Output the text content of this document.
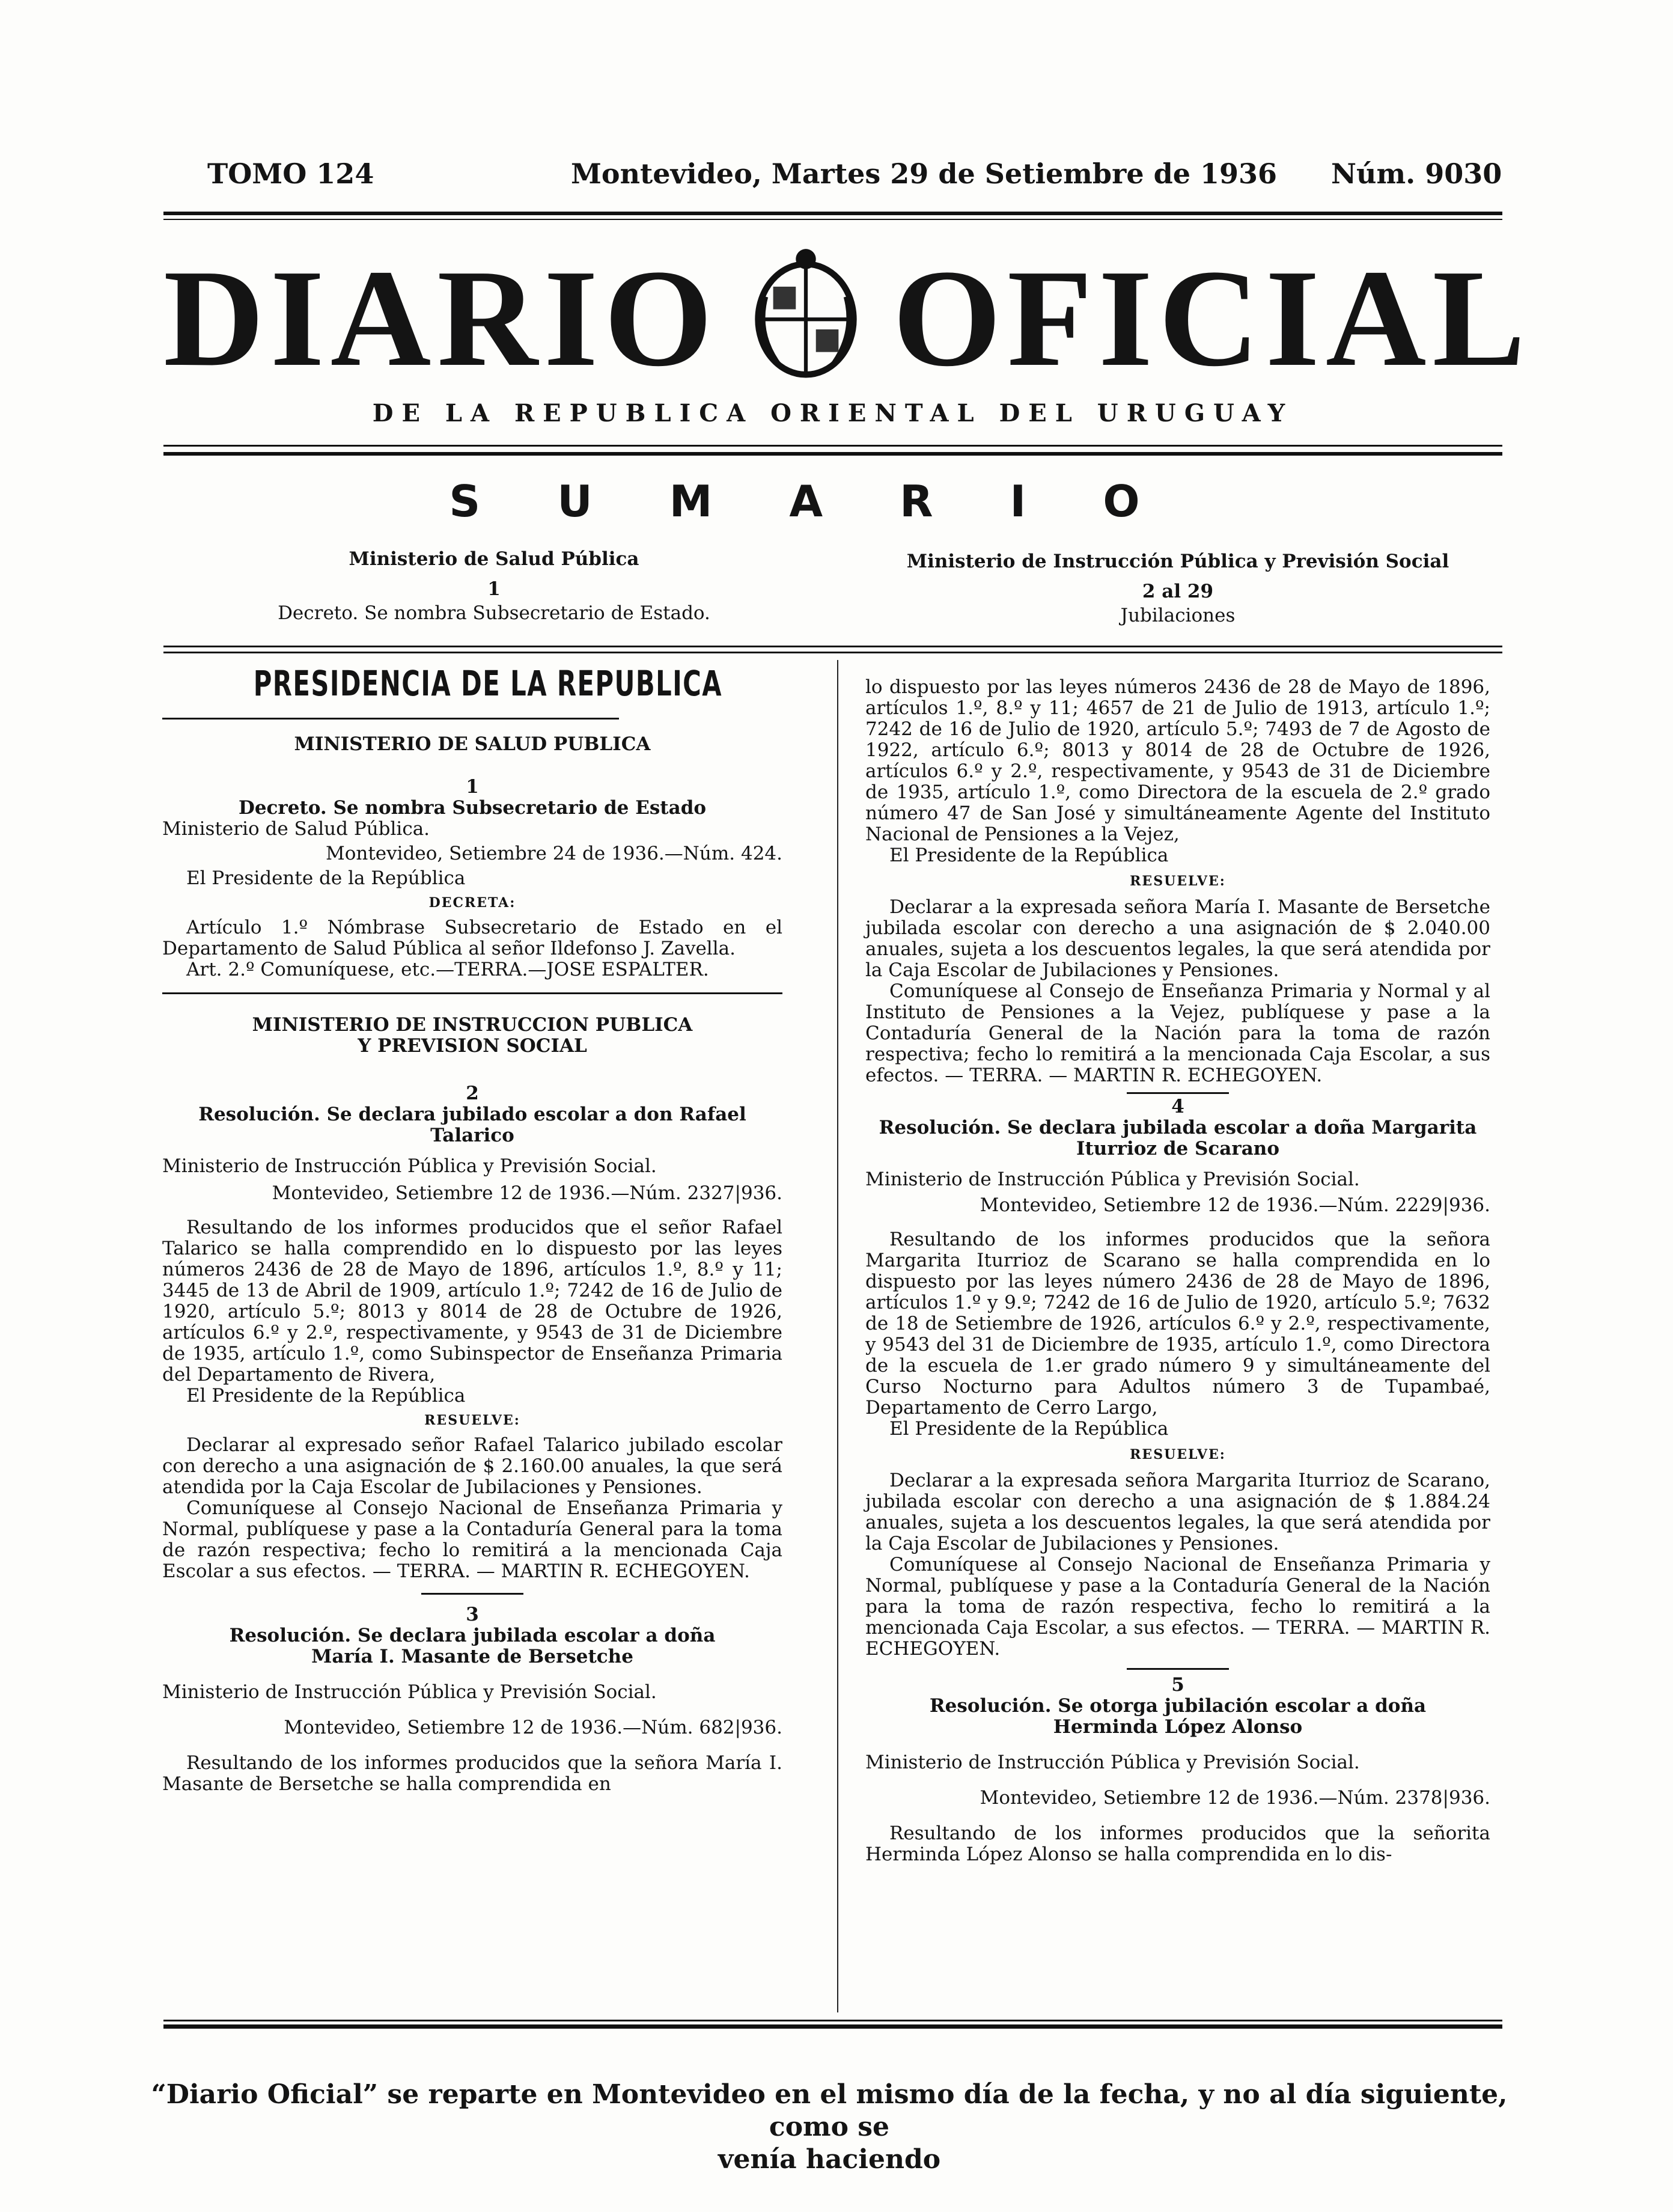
TOMO 124	Montevideo, Martes 29 de Setiembre de 1936 Núm. 9030
DIARIO OFICIAL
DE LA REPUBLICA ORIENTAL DEL URUGUAY
SUMARIO
Ministerio de Salud Pública
1
Decreto. Se nombra Subsecretario de Estado.
Ministerio de Instrucción Pública y Previsión Social
2 al 29
Jubilaciones
PRESIDENCIA DE LA REPUBLICA

MINISTERIO DE SALUD PUBLICA

1

Decreto. Se nombra Subsecretario de Estado

Ministerio de Salud Pública.

Montevideo, Setiembre 24 de 1936.—Núm. 424.

El Presidente de la República

DECRETA:

Artículo 1.º Nómbrase Subsecretario de Estado en el Departamento de Salud Pública al señor Ildefonso J. Zavella.

Art. 2.º Comuníquese, etc.—TERRA.—JOSE ESPALTER.

MINISTERIO DE INSTRUCCION PUBLICA

Y PREVISION SOCIAL

2

Resolución. Se declara jubilado escolar a don Rafael Talarico

Ministerio de Instrucción Pública y Previsión Social.

Montevideo, Setiembre 12 de 1936.—Núm. 2327|936.

Resultando de los informes producidos que el señor Rafael Talarico se halla comprendido en lo dispuesto por las leyes números 2436 de 28 de Mayo de 1896, artículos 1.º, 8.º y 11; 3445 de 13 de Abril de 1909, artículo 1.º; 7242 de 16 de Julio de 1920, artículo 5.º; 8013 y 8014 de 28 de Octubre de 1926, artículos 6.º y 2.º, respectivamente, y 9543 de 31 de Diciembre de 1935, artículo 1.º, como Subinspector de Enseñanza Primaria del Departamento de Rivera,

El Presidente de la República

RESUELVE:

Declarar al expresado señor Rafael Talarico jubilado escolar con derecho a una asignación de $ 2.160.00 anuales, la que será atendida por la Caja Escolar de Jubilaciones y Pensiones.

Comuníquese al Consejo Nacional de Enseñanza Primaria y Normal, publíquese y pase a la Contaduría General para la toma de razón respectiva; fecho lo remitirá a la mencionada Caja Escolar a sus efectos. — TERRA. — MARTIN R. ECHEGOYEN.

3

Resolución. Se declara jubilada escolar a doña María I. Masante de Bersetche

Ministerio de Instrucción Pública y Previsión Social.

Montevideo, Setiembre 12 de 1936.—Núm. 682|936.

Resultando de los informes producidos que la señora María I. Masante de Bersetche se halla comprendida en

lo dispuesto por las leyes números 2436 de 28 de Mayo de 1896, artículos 1.º, 8.º y 11; 4657 de 21 de Julio de 1913, artículo 1.º; 7242 de 16 de Julio de 1920, artículo 5.º; 7493 de 7 de Agosto de 1922, artículo 6.º; 8013 y 8014 de 28 de Octubre de 1926, artículos 6.º y 2.º, respectivamente, y 9543 de 31 de Diciembre de 1935, artículo 1.º, como Directora de la escuela de 2.º grado número 47 de San José y simultáneamente Agente del Instituto Nacional de Pensiones a la Vejez,

El Presidente de la República

RESUELVE:

Declarar a la expresada señora María I. Masante de Bersetche jubilada escolar con derecho a una asignación de $ 2.040.00 anuales, sujeta a los descuentos legales, la que será atendida por la Caja Escolar de Jubilaciones y Pensiones.

Comuníquese al Consejo de Enseñanza Primaria y Normal y al Instituto de Pensiones a la Vejez, publíquese y pase a la Contaduría General de la Nación para la toma de razón respectiva; fecho lo remitirá a la mencionada Caja Escolar, a sus efectos. — TERRA. — MARTIN R. ECHEGOYEN.

4

Resolución. Se declara jubilada escolar a doña Margarita Iturrioz de Scarano

Ministerio de Instrucción Pública y Previsión Social.

Montevideo, Setiembre 12 de 1936.—Núm. 2229|936.

Resultando de los informes producidos que la señora Margarita Iturrioz de Scarano se halla comprendida en lo dispuesto por las leyes número 2436 de 28 de Mayo de 1896, artículos 1.º y 9.º; 7242 de 16 de Julio de 1920, artículo 5.º; 7632 de 18 de Setiembre de 1926, artículos 6.º y 2.º, respectivamente, y 9543 del 31 de Diciembre de 1935, artículo 1.º, como Directora de la escuela de 1.er grado número 9 y simultáneamente del Curso Nocturno para Adultos número 3 de Tupambaé, Departamento de Cerro Largo,

El Presidente de la República

RESUELVE:

Declarar a la expresada señora Margarita Iturrioz de Scarano, jubilada escolar con derecho a una asignación de $ 1.884.24 anuales, sujeta a los descuentos legales, la que será atendida por la Caja Escolar de Jubilaciones y Pensiones.

Comuníquese al Consejo Nacional de Enseñanza Primaria y Normal, publíquese y pase a la Contaduría General de la Nación para la toma de razón respectiva, fecho lo remitirá a la mencionada Caja Escolar, a sus efectos. — TERRA. — MARTIN R. ECHEGOYEN.

5

Resolución. Se otorga jubilación escolar a doña Herminda López Alonso

Ministerio de Instrucción Pública y Previsión Social.

Montevideo, Setiembre 12 de 1936.—Núm. 2378|936.

Resultando de los informes producidos que la señorita Herminda López Alonso se halla comprendida en lo dis-

“Diario Oficial” se reparte en Montevideo en el mismo día de la fecha, y no al día siguiente, como se
venía haciendo
